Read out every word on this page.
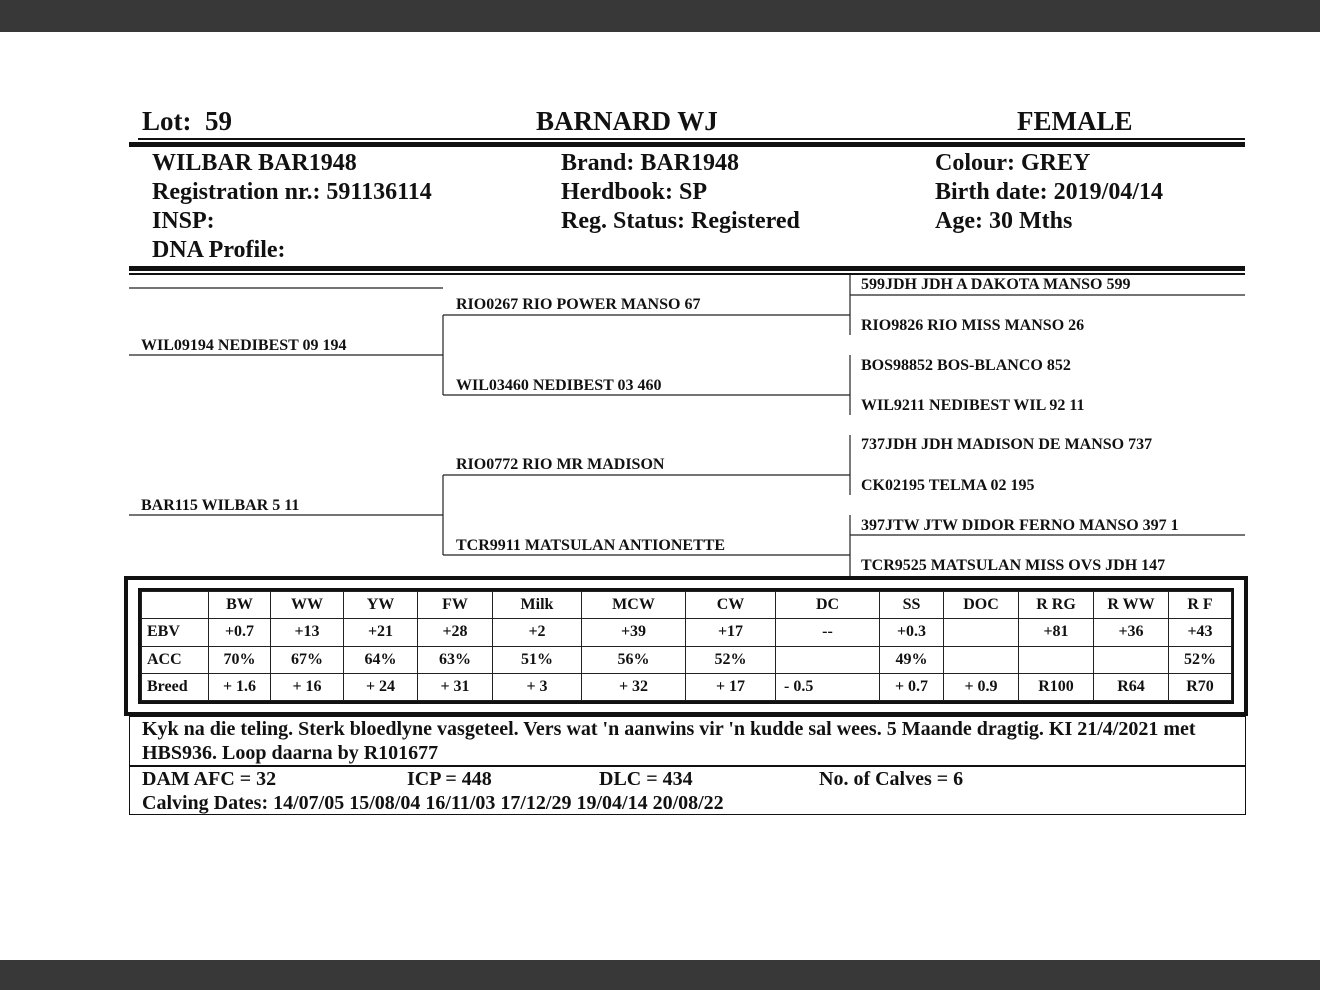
Lot: 59	BARNARD WJ	FEMALE
WILBAR BAR1948
Registration nr.: 591136114
INSP:
DNA Profile:
Brand: BAR1948
Herdbook: SP
Reg. Status: Registered
Colour: GREY
Birth date: 2019/04/14
Age: 30 Mths
WIL09194 NEDIBEST 09 194
BAR115 WILBAR 5 11
RIO0267 RIO POWER MANSO 67
WIL03460 NEDIBEST 03 460
RIO0772 RIO MR MADISON
TCR9911 MATSULAN ANTIONETTE
599JDH JDH A DAKOTA MANSO 599
RIO9826 RIO MISS MANSO 26
BOS98852 BOS-BLANCO 852
WIL9211 NEDIBEST WIL 92 11
737JDH JDH MADISON DE MANSO 737
CK02195 TELMA 02 195
397JTW JTW DIDOR FERNO MANSO 397 1
TCR9525 MATSULAN MISS OVS JDH 147
	BW	WW	YW	FW	Milk	MCW	CW	DC	SS	DOC	R RG	R WW	R F
EBV	+0.7	+13	+21	+28	+2	+39	+17	--	+0.3		+81	+36	+43
ACC	70%	67%	64%	63%	51%	56%	52%		49%				52%
Breed	+ 1.6	+ 16	+ 24	+ 31	+ 3	+ 32	+ 17	- 0.5	+ 0.7	+ 0.9	R100	R64	R70
Kyk na die teling. Sterk bloedlyne vasgeteel. Vers wat 'n aanwins vir 'n kudde sal wees. 5 Maande dragtig. KI 21/4/2021 met HBS936. Loop daarna by R101677
DAM AFC = 32	ICP = 448	DLC = 434	No. of Calves = 6
Calving Dates: 14/07/05 15/08/04 16/11/03 17/12/29 19/04/14 20/08/22
